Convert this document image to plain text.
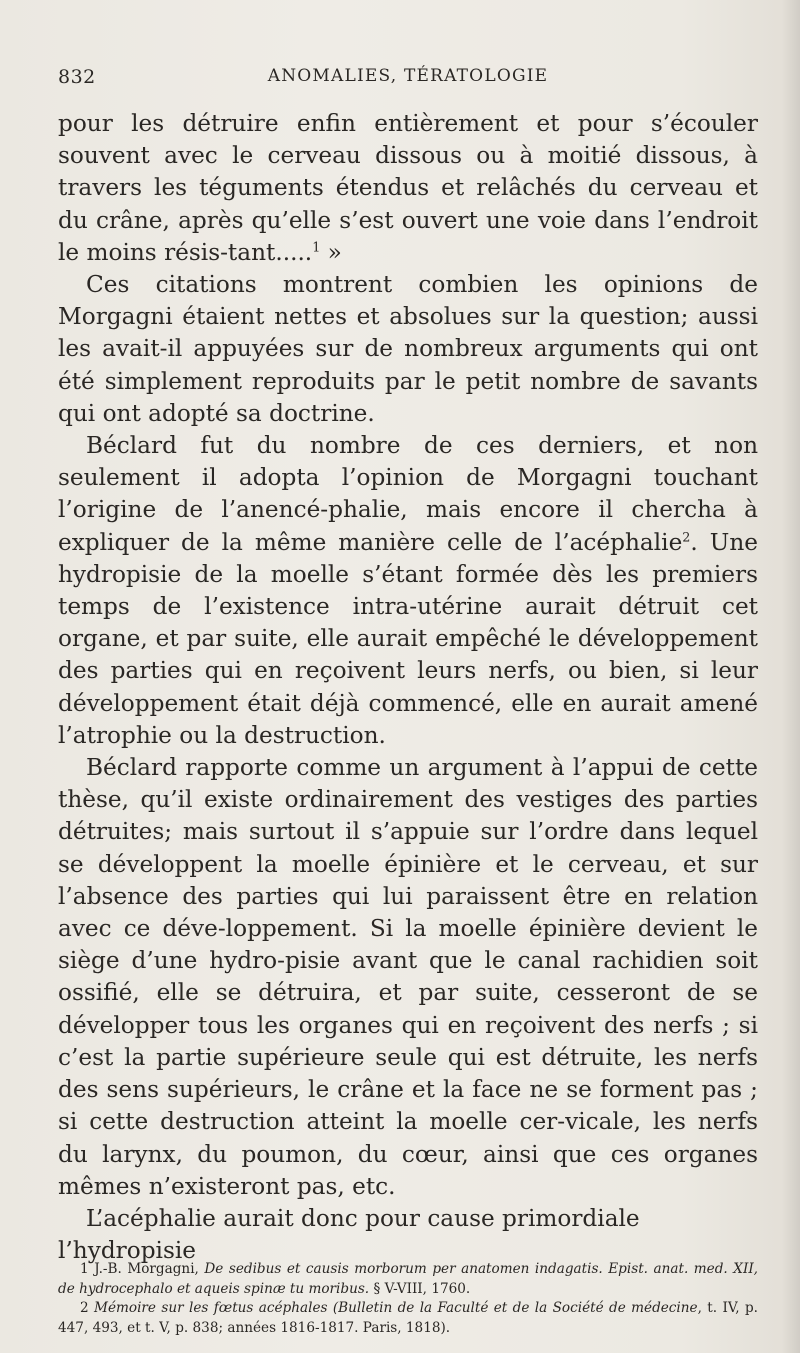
832	ANOMALIES, TÉRATOLOGIE

pour les détruire enfin entièrement et pour s’écouler souvent avec le cerveau dissous ou à moitié dissous, à travers les téguments étendus et relâchés du cerveau et du crâne, après qu’elle s’est ouvert une voie dans l’endroit le moins résis-tant.....$^1$ »

Ces citations montrent combien les opinions de Morgagni étaient nettes et absolues sur la question; aussi les avait-il appuyées sur de nombreux arguments qui ont été simplement reproduits par le petit nombre de savants qui ont adopté sa doctrine.

Béclard fut du nombre de ces derniers, et non seulement il adopta l’opinion de Morgagni touchant l’origine de l’anencé-phalie, mais encore il chercha à expliquer de la même manière celle de l’acéphalie$^2$. Une hydropisie de la moelle s’étant formée dès les premiers temps de l’existence intra-utérine aurait détruit cet organe, et par suite, elle aurait empêché le développement des parties qui en reçoivent leurs nerfs, ou bien, si leur développement était déjà commencé, elle en aurait amené l’atrophie ou la destruction.

Béclard rapporte comme un argument à l’appui de cette thèse, qu’il existe ordinairement des vestiges des parties détruites; mais surtout il s’appuie sur l’ordre dans lequel se développent la moelle épinière et le cerveau, et sur l’absence des parties qui lui paraissent être en relation avec ce déve-loppement. Si la moelle épinière devient le siège d’une hydro-pisie avant que le canal rachidien soit ossifié, elle se détruira, et par suite, cesseront de se développer tous les organes qui en reçoivent des nerfs ; si c’est la partie supérieure seule qui est détruite, les nerfs des sens supérieurs, le crâne et la face ne se forment pas ; si cette destruction atteint la moelle cer-vicale, les nerfs du larynx, du poumon, du cœur, ainsi que ces organes mêmes n’existeront pas, etc.

L’acéphalie aurait donc pour cause primordiale l’hydropisie

1 J.-B. Morgagni, De sedibus et causis morborum per anatomen indagatis. Epist. anat. med. XII, de hydrocephalo et aqueis spinæ tu moribus. § V-VIII, 1760.

2 Mémoire sur les fœtus acéphales (Bulletin de la Faculté et de la Société de médecine, t. IV, p. 447, 493, et t. V, p. 838; années 1816-1817. Paris, 1818).
